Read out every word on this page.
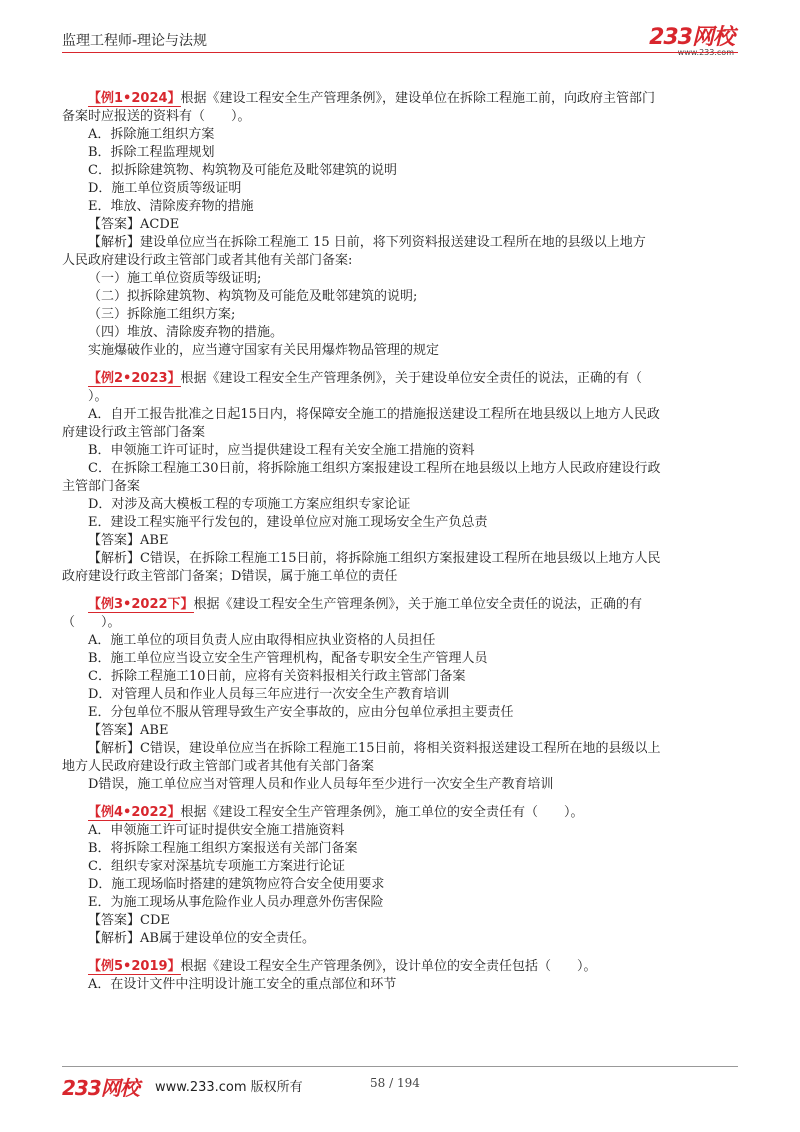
监理工程师-理论与法规	233网校
www.233.com
【例1•2024】根据《建设工程安全生产管理条例》，建设单位在拆除工程施工前，向政府主管部门
备案时应报送的资料有（　　）。
A．拆除施工组织方案
B．拆除工程监理规划
C．拟拆除建筑物、构筑物及可能危及毗邻建筑的说明
D．施工单位资质等级证明
E．堆放、清除废弃物的措施
【答案】ACDE
【解析】建设单位应当在拆除工程施工 15 日前，将下列资料报送建设工程所在地的县级以上地方
人民政府建设行政主管部门或者其他有关部门备案:
（一）施工单位资质等级证明;
（二）拟拆除建筑物、构筑物及可能危及毗邻建筑的说明;
（三）拆除施工组织方案;
（四）堆放、清除废弃物的措施。
实施爆破作业的，应当遵守国家有关民用爆炸物品管理的规定
【例2•2023】根据《建设工程安全生产管理条例》，关于建设单位安全责任的说法，正确的有（
）。
A．自开工报告批准之日起15日内，将保障安全施工的措施报送建设工程所在地县级以上地方人民政
府建设行政主管部门备案
B．申领施工许可证时，应当提供建设工程有关安全施工措施的资料
C．在拆除工程施工30日前，将拆除施工组织方案报建设工程所在地县级以上地方人民政府建设行政
主管部门备案
D．对涉及高大模板工程的专项施工方案应组织专家论证
E．建设工程实施平行发包的，建设单位应对施工现场安全生产负总责
【答案】ABE
【解析】C错误，在拆除工程施工15日前，将拆除施工组织方案报建设工程所在地县级以上地方人民
政府建设行政主管部门备案；D错误，属于施工单位的责任
【例3•2022下】根据《建设工程安全生产管理条例》，关于施工单位安全责任的说法，正确的有
（　　）。
A．施工单位的项目负责人应由取得相应执业资格的人员担任
B．施工单位应当设立安全生产管理机构，配备专职安全生产管理人员
C．拆除工程施工10日前，应将有关资料报相关行政主管部门备案
D．对管理人员和作业人员每三年应进行一次安全生产教育培训
E．分包单位不服从管理导致生产安全事故的，应由分包单位承担主要责任
【答案】ABE
【解析】C错误，建设单位应当在拆除工程施工15日前，将相关资料报送建设工程所在地的县级以上
地方人民政府建设行政主管部门或者其他有关部门备案
D错误，施工单位应当对管理人员和作业人员每年至少进行一次安全生产教育培训
【例4•2022】根据《建设工程安全生产管理条例》，施工单位的安全责任有（　　）。
A．申领施工许可证时提供安全施工措施资料
B．将拆除工程施工组织方案报送有关部门备案
C．组织专家对深基坑专项施工方案进行论证
D．施工现场临时搭建的建筑物应符合安全使用要求
E．为施工现场从事危险作业人员办理意外伤害保险
【答案】CDE
【解析】AB属于建设单位的安全责任。
【例5•2019】根据《建设工程安全生产管理条例》，设计单位的安全责任包括（　　）。
A．在设计文件中注明设计施工安全的重点部位和环节
233网校 www.233.com 版权所有	58 / 194
